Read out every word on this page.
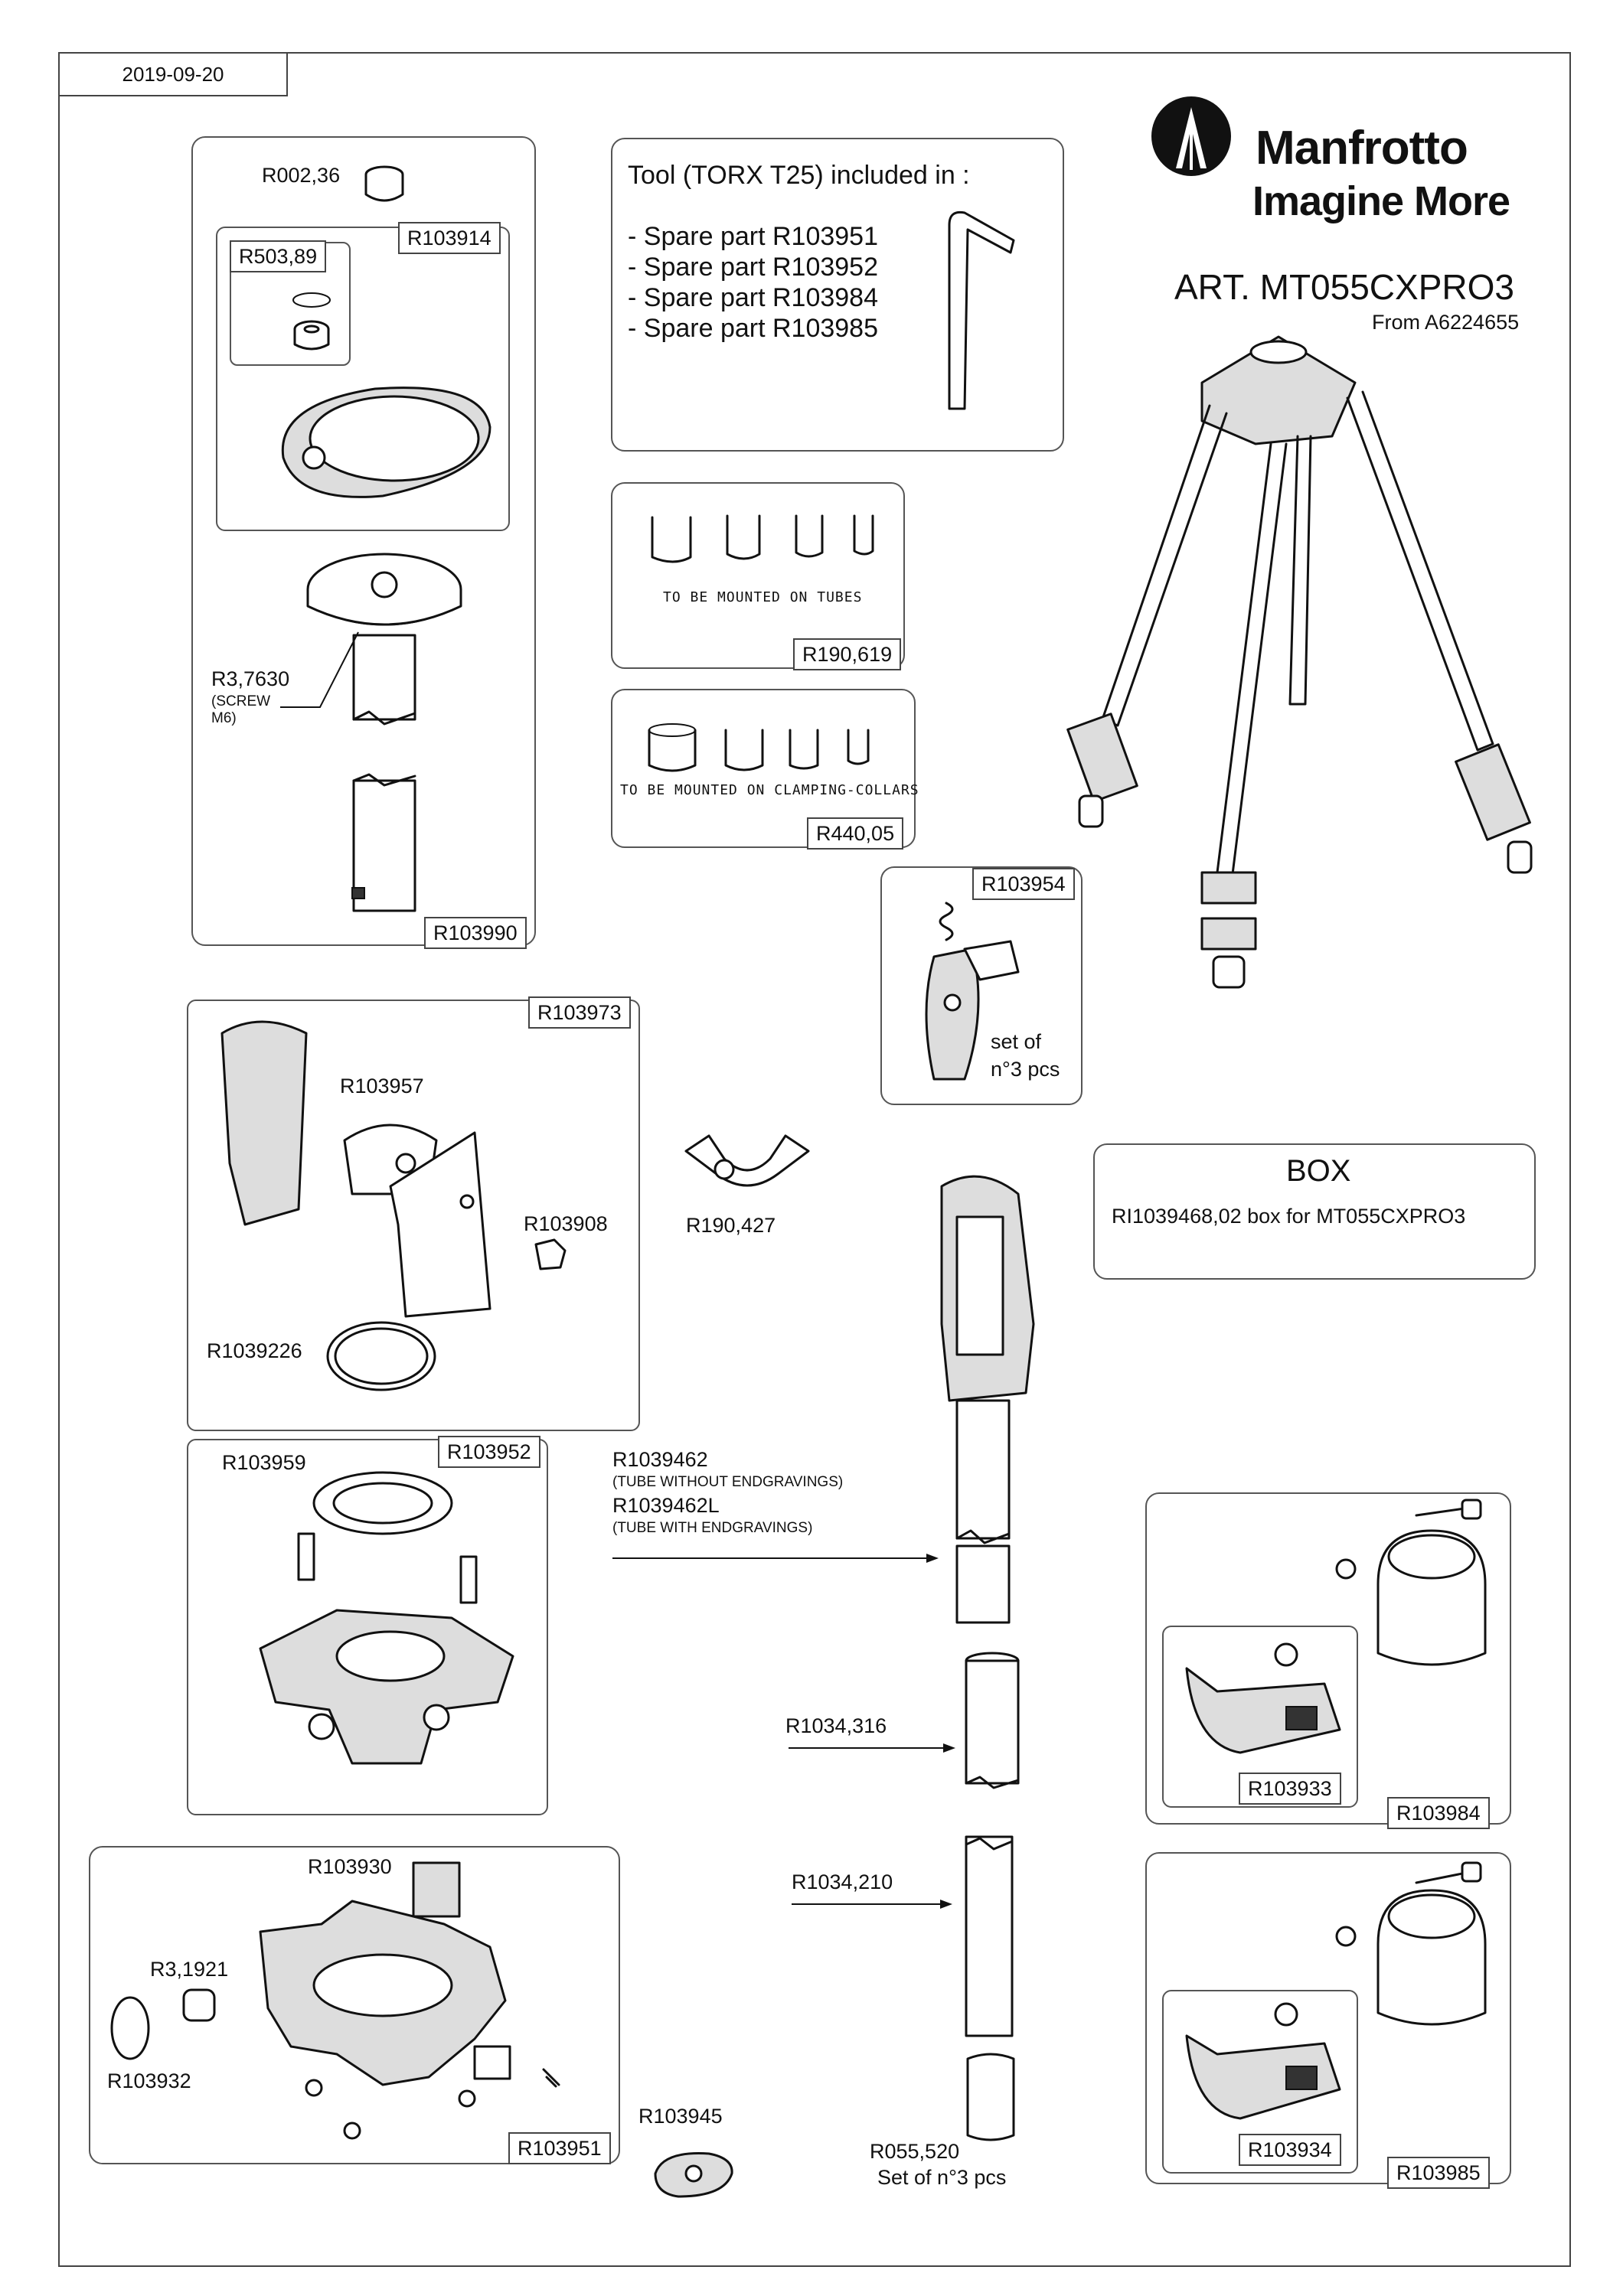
2019-09-20
Manfrotto
Imagine More
ART. MT055CXPRO3
From A6224655
R002,36
R103914
R503,89
R3,7630
(SCREW
M6)
R103990
Tool (TORX T25) included in :
- Spare part R103951
- Spare part R103952
- Spare part R103984
- Spare part R103985
TO BE MOUNTED ON TUBES
R190,619
TO BE MOUNTED ON CLAMPING-COLLARS
R440,05
R103954
set of
n°3 pcs
R103973
R103957
R103908
R1039226
R190,427
BOX
RI1039468,02 box for MT055CXPRO3
R103952
R103959	R1039462
(TUBE WITHOUT ENDGRAVINGS)
R1039462L
(TUBE WITH ENDGRAVINGS)
R1034,316
R1034,210
R055,520
Set of n°3 pcs
R103933
R103984
R103934
R103985
R103930
R3,1921
R103932
R103951
R103945
